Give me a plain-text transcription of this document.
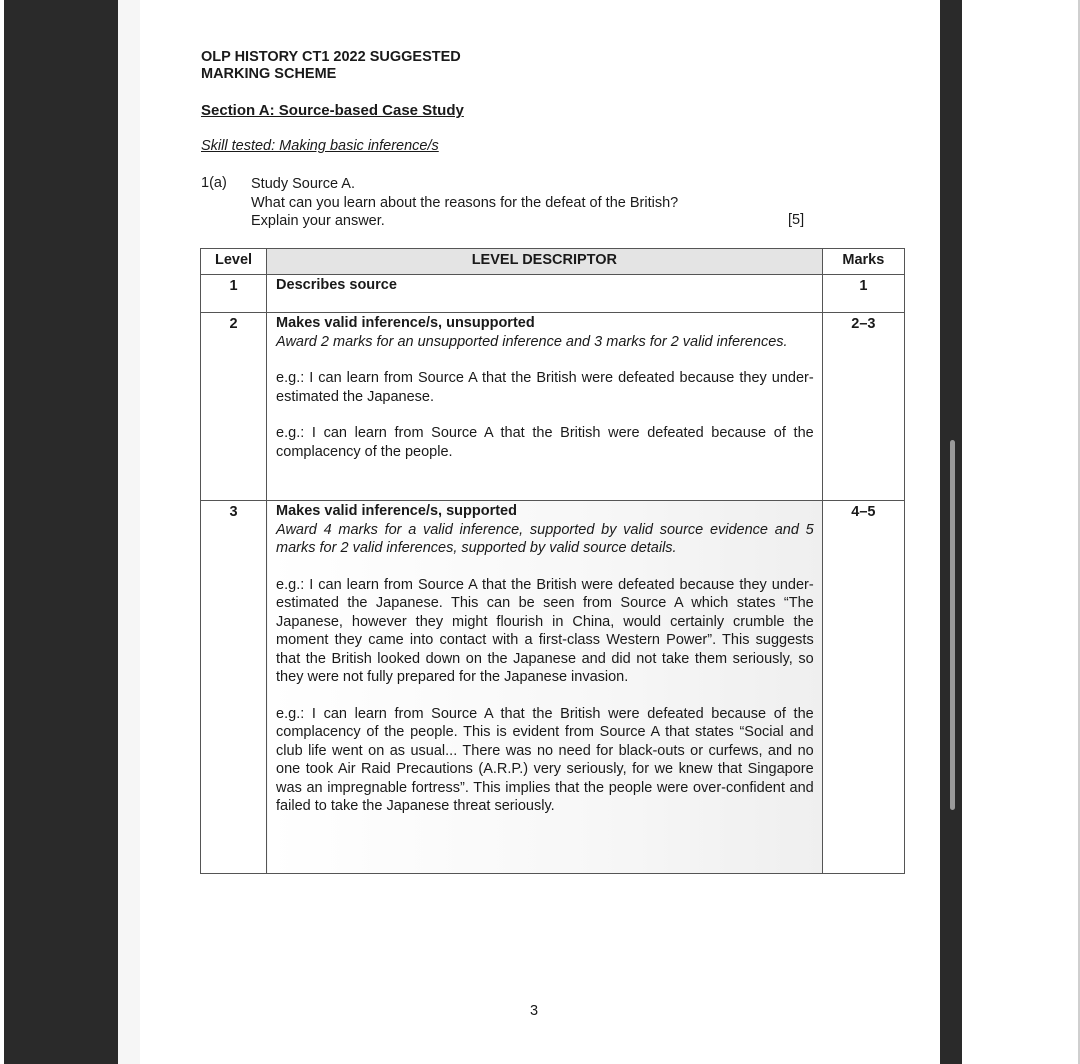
OLP HISTORY CT1 2022 SUGGESTED
MARKING SCHEME
Section A: Source-based Case Study
Skill tested: Making basic inference/s
1(a) Study Source A.
What can you learn about the reasons for the defeat of the British?
Explain your answer.	[5]
Level	LEVEL DESCRIPTOR	Marks
1	Describes source	1
2	Makes valid inference/s, unsupported
Award 2 marks for an unsupported inference and 3 marks for 2 valid inferences.
e.g.: I can learn from Source A that the British were defeated because they under-estimated the Japanese.
e.g.: I can learn from Source A that the British were defeated because of the complacency of the people.	2–3
3	Makes valid inference/s, supported
Award 4 marks for a valid inference, supported by valid source evidence and 5 marks for 2 valid inferences, supported by valid source details.
e.g.: I can learn from Source A that the British were defeated because they under-estimated the Japanese. This can be seen from Source A which states “The Japanese, however they might flourish in China, would certainly crumble the moment they came into contact with a first-class Western Power”. This suggests that the British looked down on the Japanese and did not take them seriously, so they were not fully prepared for the Japanese invasion.
e.g.: I can learn from Source A that the British were defeated because of the complacency of the people. This is evident from Source A that states “Social and club life went on as usual... There was no need for black-outs or curfews, and no one took Air Raid Precautions (A.R.P.) very seriously, for we knew that Singapore was an impregnable fortress”. This implies that the people were over-confident and failed to take the Japanese threat seriously.	4–5
3
